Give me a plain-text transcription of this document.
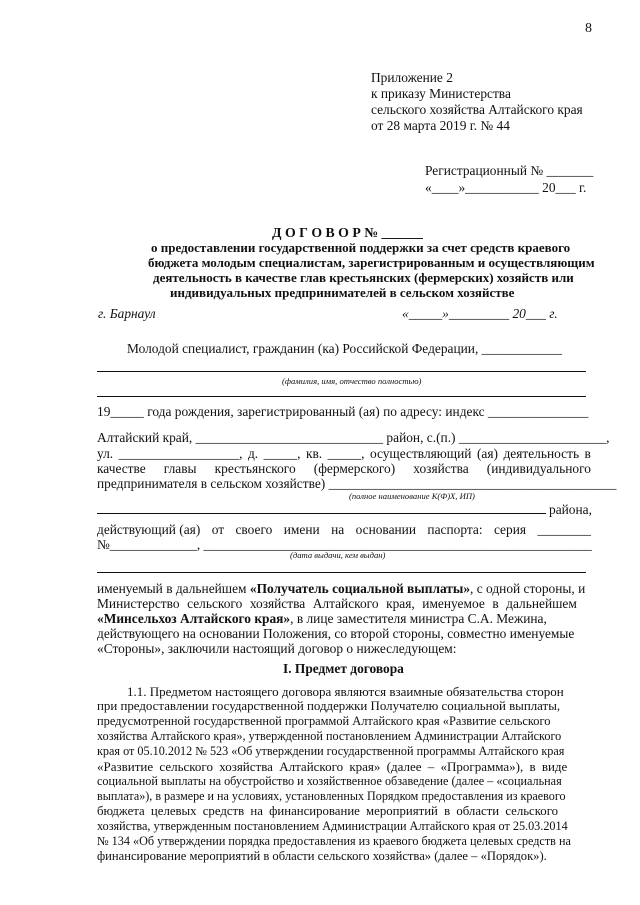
8
Приложение 2
к приказу Министерства
сельского хозяйства Алтайского края
от 28 марта 2019 г. № 44
Регистрационный № _______
«____»___________ 20___ г.
Д О Г О В О Р № ______
о предоставлении государственной поддержки за счет средств краевого
бюджета молодым специалистам, зарегистрированным и осуществляющим
деятельность в качестве глав крестьянских (фермерских) хозяйств или
индивидуальных предпринимателей в сельском хозяйстве
г. Барнаул	«_____»_________ 20___ г.
Молодой специалист, гражданин (ка) Российской Федерации, ____________
(фамилия, имя, отчество полностью)
19_____ года рождения, зарегистрированный (ая) по адресу: индекс _______________
Алтайский край, ____________________________ район, с.(п.) ______________________,
ул. __________________, д. _____, кв. _____, осуществляющий (ая) деятельность в
качестве главы крестьянского (фермерского) хозяйства (индивидуального
предпринимателя в сельском хозяйстве) ___________________________________________
(полное наименование К(Ф)Х, ИП)
района,
действующий (ая) от своего имени на основании паспорта: серия ________
№_____________, __________________________________________________________
(дата выдачи, кем выдан)
именуемый в дальнейшем «Получатель социальной выплаты», с одной стороны, и
Министерство сельского хозяйства Алтайского края, именуемое в дальнейшем
«Минсельхоз Алтайского края», в лице заместителя министра С.А. Межина,
действующего на основании Положения, со второй стороны, совместно именуемые
«Стороны», заключили настоящий договор о нижеследующем:
I. Предмет договора
1.1. Предметом настоящего договора являются взаимные обязательства сторон
при предоставлении государственной поддержки Получателю социальной выплаты,
предусмотренной государственной программой Алтайского края «Развитие сельского
хозяйства Алтайского края», утвержденной постановлением Администрации Алтайского
края от 05.10.2012 № 523 «Об утверждении государственной программы Алтайского края
«Развитие сельского хозяйства Алтайского края» (далее – «Программа»), в виде
социальной выплаты на обустройство и хозяйственное обзаведение (далее – «социальная
выплата»), в размере и на условиях, установленных Порядком предоставления из краевого
бюджета целевых средств на финансирование мероприятий в области сельского
хозяйства, утвержденным постановлением Администрации Алтайского края от 25.03.2014
№ 134 «Об утверждении порядка предоставления из краевого бюджета целевых средств на
финансирование мероприятий в области сельского хозяйства» (далее – «Порядок»).
